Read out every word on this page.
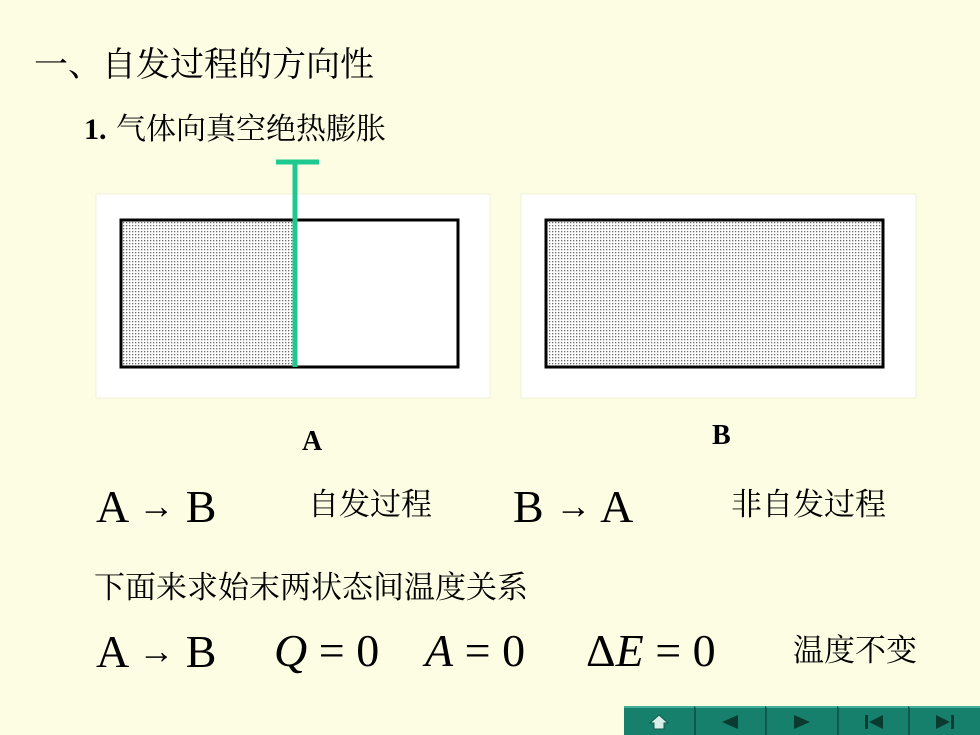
一、自发过程的方向性
1. 气体向真空绝热膨胀
A	B
A → B	自发过程 B → A	非自发过程
下面来求始末两状态间温度关系
A → B Q = 0 A = 0 ΔE = 0 温度不变
